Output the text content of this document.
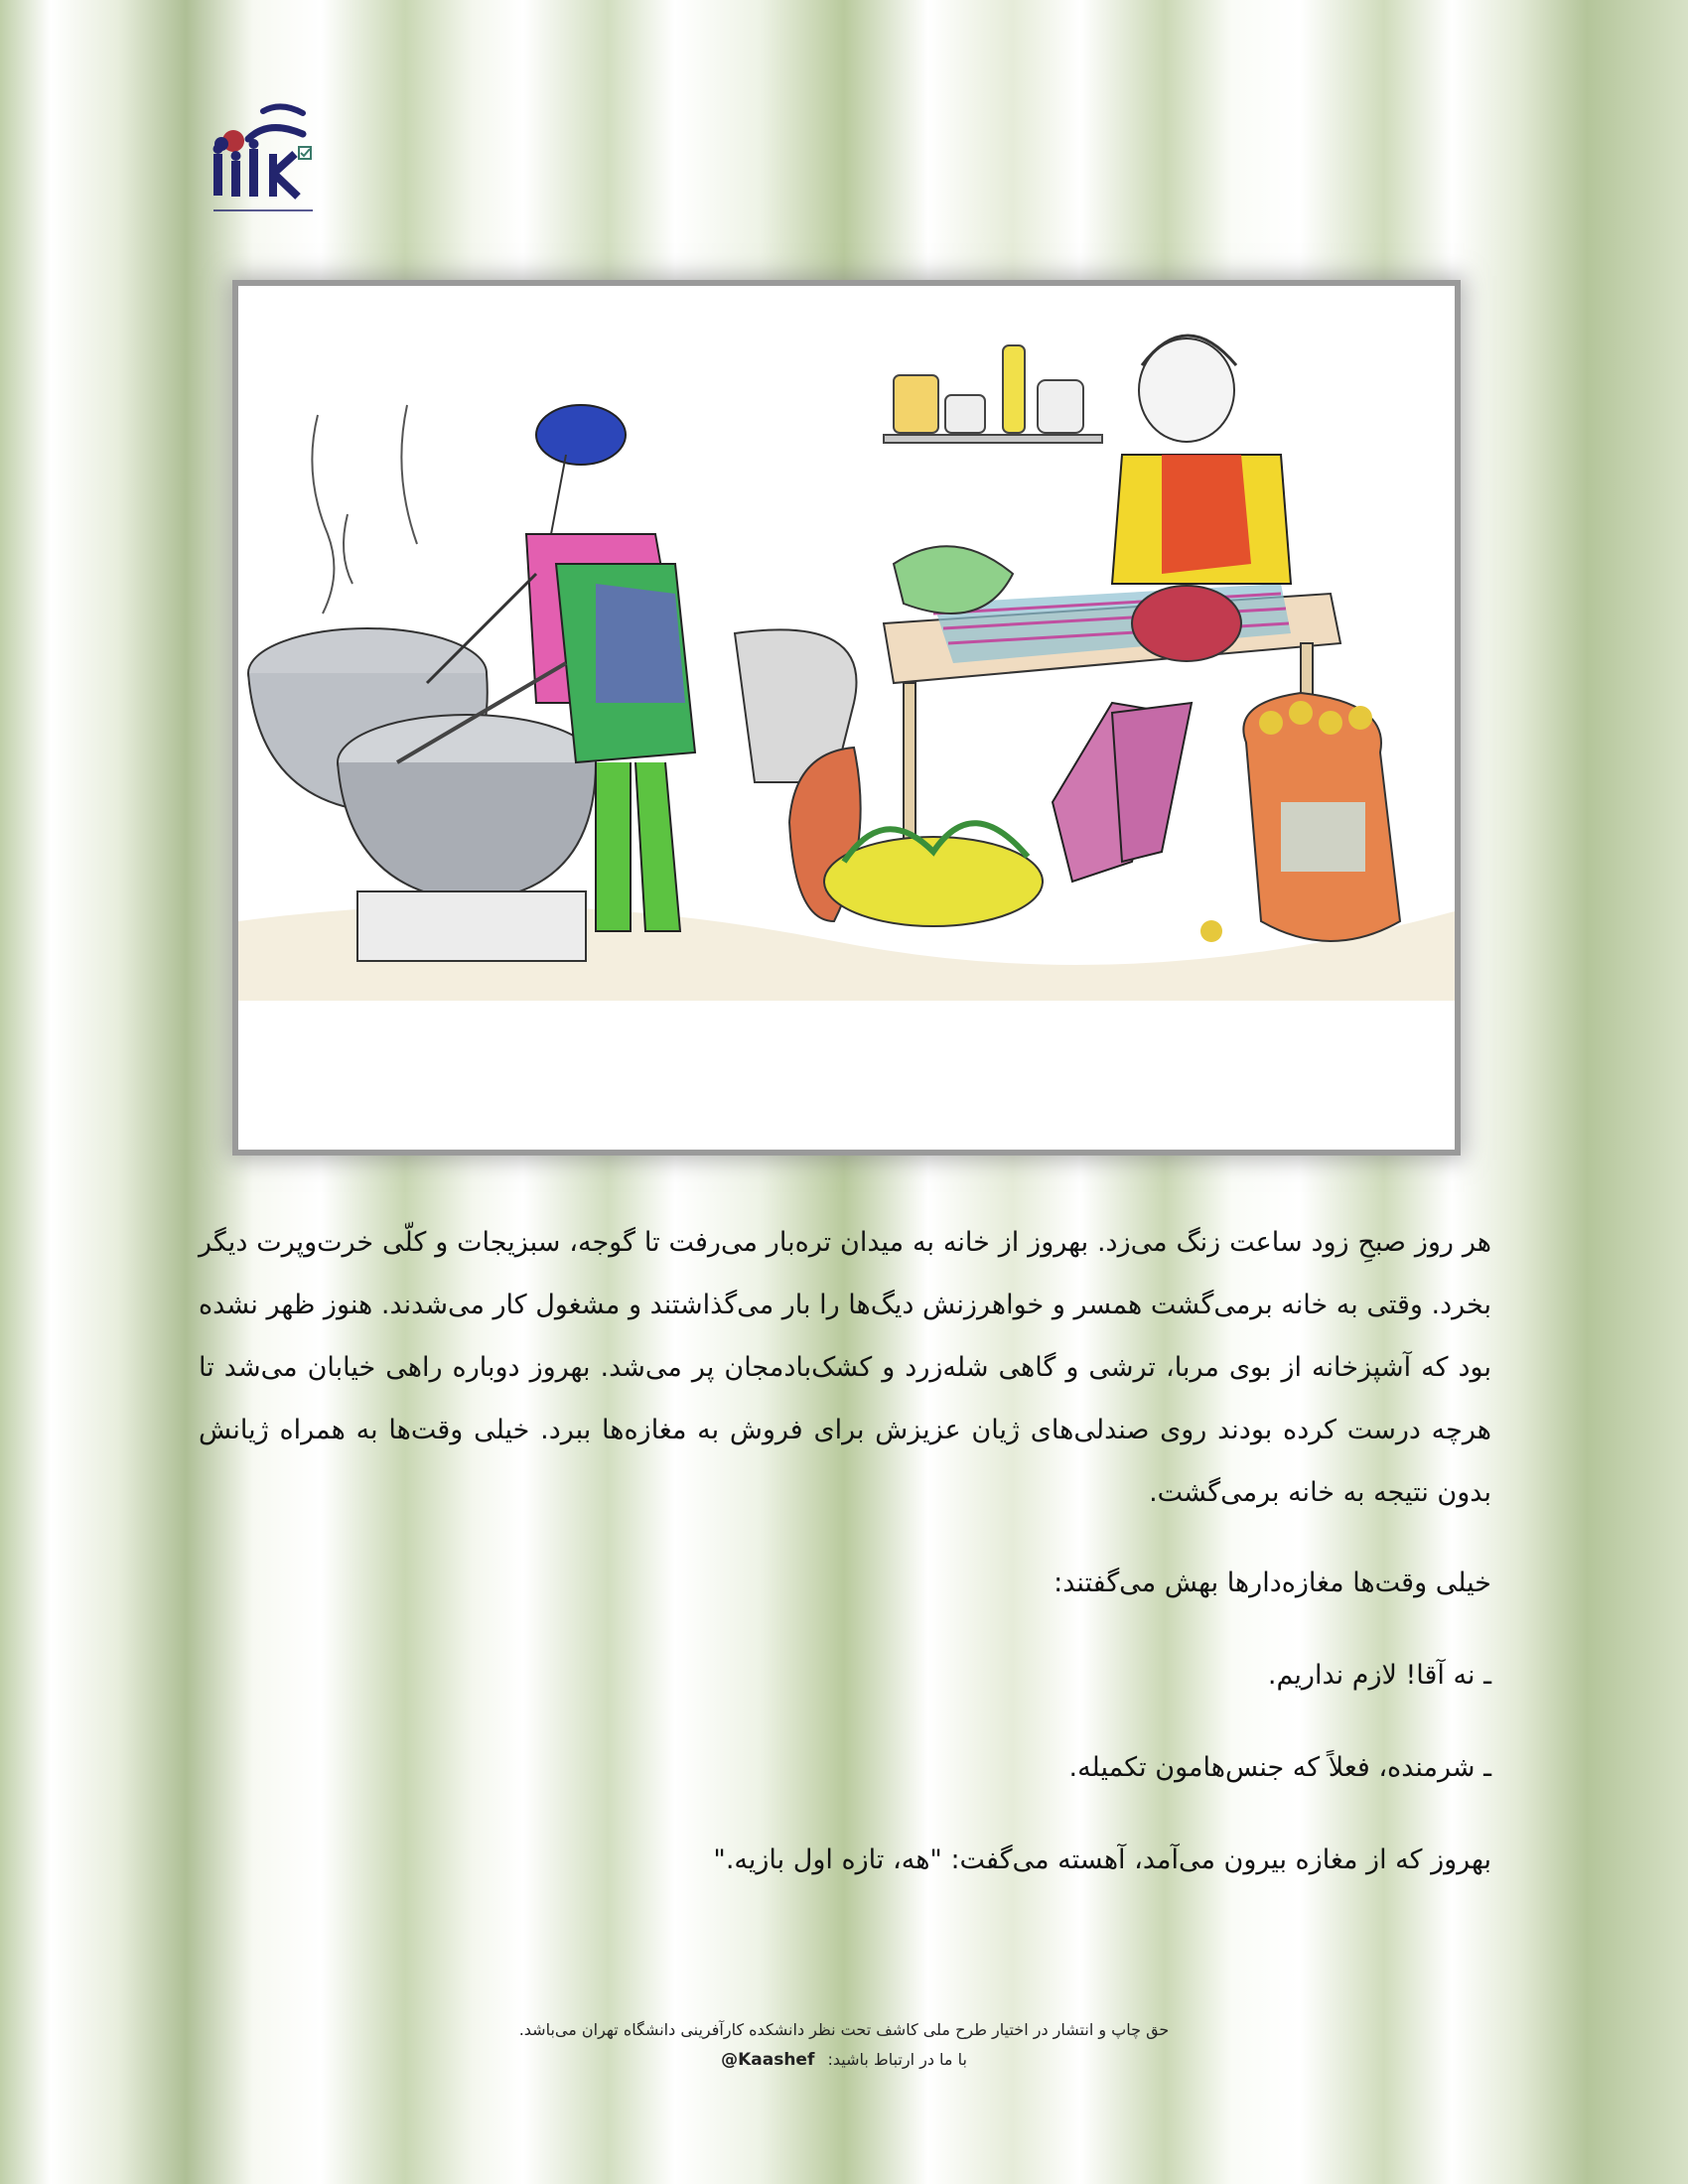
هر روز صبحِ زود ساعت زنگ می‌زد. بهروز از خانه به میدان تره‌بار می‌رفت تا گوجه، سبزیجات و کلّی خرت‌وپرت دیگر بخرد. وقتی به خانه برمی‌گشت همسر و خواهرزنش دیگ‌ها را بار می‌گذاشتند و مشغول کار می‌شدند. هنوز ظهر نشده بود که آشپزخانه از بوی مربا، ترشی و گاهی شله‌زرد و کشک‌بادمجان پر می‌شد. بهروز دوباره راهی خیابان می‌شد تا هرچه درست کرده بودند روی صندلی‌های ژیان عزیزش برای فروش به مغازه‌ها ببرد. خیلی وقت‌ها به همراه ژیانش بدون نتیجه به خانه برمی‌گشت.

خیلی وقت‌ها مغازه‌دارها بهش می‌گفتند:

ـ نه آقا! لازم نداریم.

ـ شرمنده، فعلاً که جنس‌هامون تکمیله.

بهروز که از مغازه بیرون می‌آمد، آهسته می‌گفت: "هه، تازه اول بازیه."

حق چاپ و انتشار در اختیار طرح ملی کاشف تحت نظر دانشکده کارآفرینی دانشگاه تهران می‌باشد.
با ما در ارتباط باشید: @Kaashef
